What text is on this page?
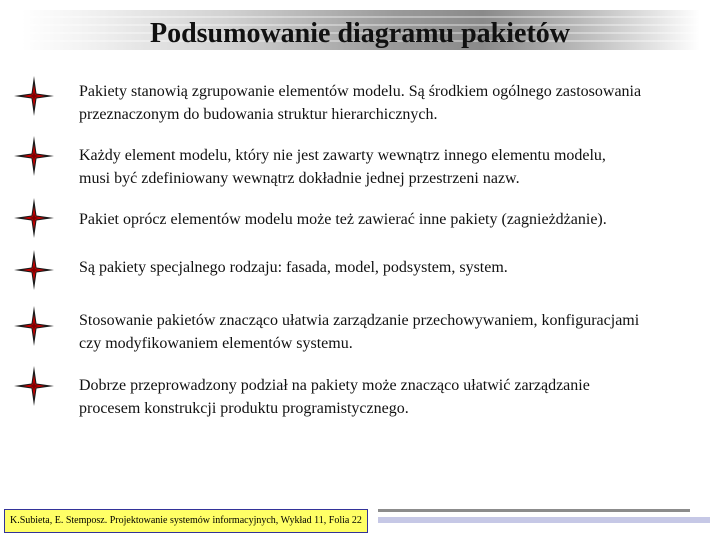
Podsumowanie diagramu pakietów
Pakiety stanowią zgrupowanie elementów modelu. Są środkiem ogólnego zastosowania
przeznaczonym do budowania struktur hierarchicznych.
Każdy element modelu, który nie jest zawarty wewnątrz innego elementu modelu,
musi być zdefiniowany wewnątrz dokładnie jednej przestrzeni nazw.
Pakiet oprócz elementów modelu może też zawierać inne pakiety (zagnieżdżanie).
Są pakiety specjalnego rodzaju: fasada, model, podsystem, system.
Stosowanie pakietów znacząco ułatwia zarządzanie przechowywaniem, konfiguracjami
czy modyfikowaniem elementów systemu.
Dobrze przeprowadzony podział na pakiety może znacząco ułatwić zarządzanie
procesem konstrukcji produktu programistycznego.
K.Subieta, E. Stemposz. Projektowanie systemów informacyjnych, Wykład 11, Folia 22
